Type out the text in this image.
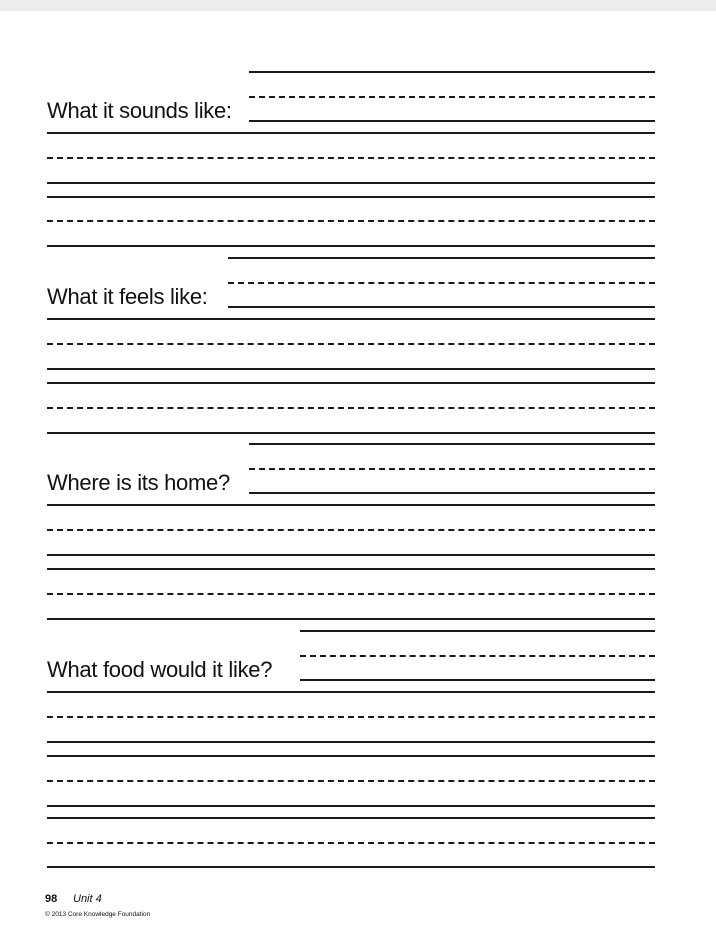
What it sounds like:
What it feels like:
Where is its home?
What food would it like?
98 Unit 4
© 2013 Core Knowledge Foundation
